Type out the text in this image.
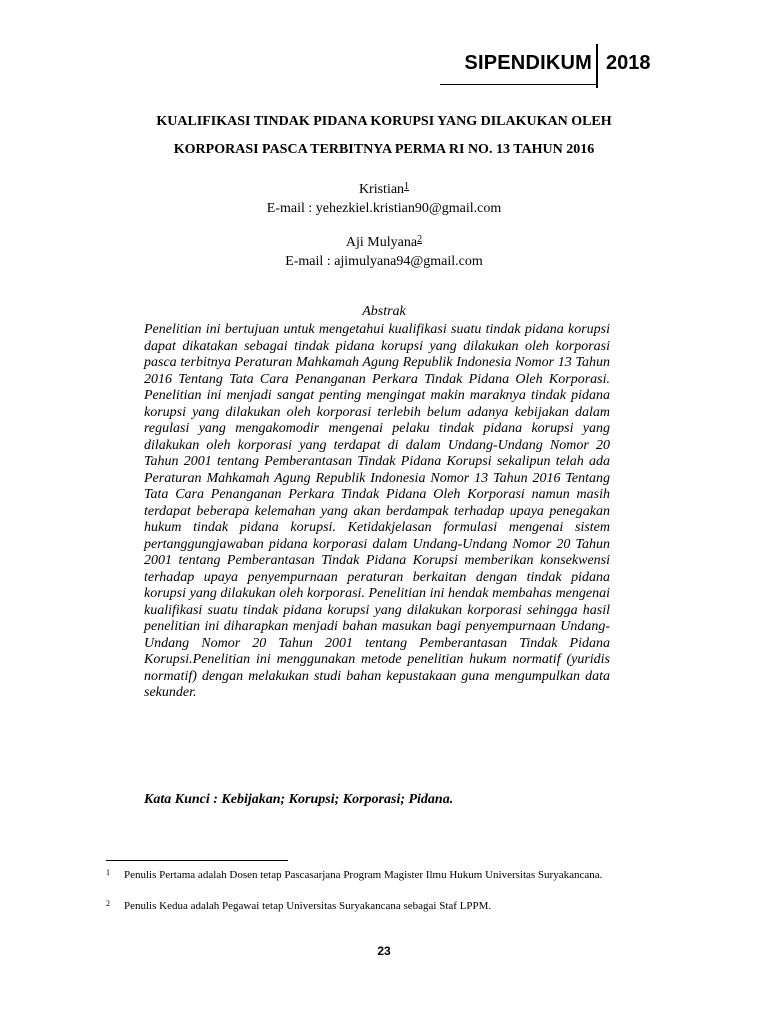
SIPENDIKUM 2018
KUALIFIKASI TINDAK PIDANA KORUPSI YANG DILAKUKAN OLEH
KORPORASI PASCA TERBITNYA PERMA RI NO. 13 TAHUN 2016
Kristian$^1$
E-mail : yehezkiel.kristian90@gmail.com
Aji Mulyana$^2$
E-mail : ajimulyana94@gmail.com
Abstrak
Penelitian ini bertujuan untuk mengetahui kualifikasi suatu tindak pidana korupsi dapat dikatakan sebagai tindak pidana korupsi yang dilakukan oleh korporasi pasca terbitnya Peraturan Mahkamah Agung Republik Indonesia Nomor 13 Tahun 2016 Tentang Tata Cara Penanganan Perkara Tindak Pidana Oleh Korporasi. Penelitian ini menjadi sangat penting mengingat makin maraknya tindak pidana korupsi yang dilakukan oleh korporasi terlebih belum adanya kebijakan dalam regulasi yang mengakomodir mengenai pelaku tindak pidana korupsi yang dilakukan oleh korporasi yang terdapat di dalam Undang-Undang Nomor 20 Tahun 2001 tentang Pemberantasan Tindak Pidana Korupsi sekalipun telah ada Peraturan Mahkamah Agung Republik Indonesia Nomor 13 Tahun 2016 Tentang Tata Cara Penanganan Perkara Tindak Pidana Oleh Korporasi namun masih terdapat beberapa kelemahan yang akan berdampak terhadap upaya penegakan hukum tindak pidana korupsi. Ketidakjelasan formulasi mengenai sistem pertanggungjawaban pidana korporasi dalam Undang-Undang Nomor 20 Tahun 2001 tentang Pemberantasan Tindak Pidana Korupsi memberikan konsekwensi terhadap upaya penyempurnaan peraturan berkaitan dengan tindak pidana korupsi yang dilakukan oleh korporasi. Penelitian ini hendak membahas mengenai kualifikasi suatu tindak pidana korupsi yang dilakukan korporasi sehingga hasil penelitian ini diharapkan menjadi bahan masukan bagi penyempurnaan Undang-Undang Nomor 20 Tahun 2001 tentang Pemberantasan Tindak Pidana Korupsi.Penelitian ini menggunakan metode penelitian hukum normatif (yuridis normatif) dengan melakukan studi bahan kepustakaan guna mengumpulkan data sekunder.
Kata Kunci : Kebijakan; Korupsi; Korporasi; Pidana.
1 Penulis Pertama adalah Dosen tetap Pascasarjana Program Magister Ilmu Hukum Universitas Suryakancana.
2 Penulis Kedua adalah Pegawai tetap Universitas Suryakancana sebagai Staf LPPM.
23
